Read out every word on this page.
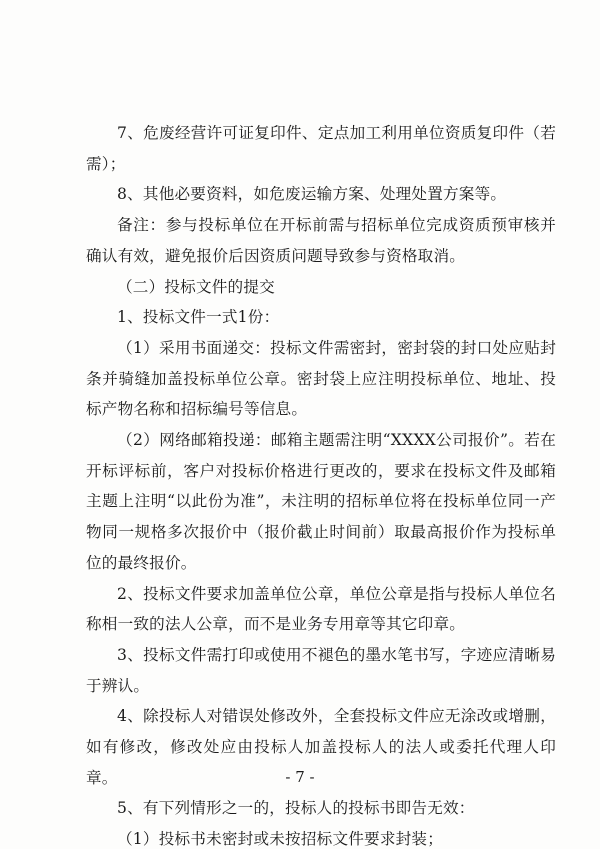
7、危废经营许可证复印件、定点加工利用单位资质复印件（若需）；

8、其他必要资料，如危废运输方案、处理处置方案等。

备注：参与投标单位在开标前需与招标单位完成资质预审核并确认有效，避免报价后因资质问题导致参与资格取消。

（二）投标文件的提交

1、投标文件一式1份：

（1）采用书面递交：投标文件需密封，密封袋的封口处应贴封条并骑缝加盖投标单位公章。密封袋上应注明投标单位、地址、投标产物名称和招标编号等信息。

（2）网络邮箱投递：邮箱主题需注明“XXXX公司报价”。若在开标评标前，客户对投标价格进行更改的，要求在投标文件及邮箱主题上注明“以此份为准”，未注明的招标单位将在投标单位同一产物同一规格多次报价中（报价截止时间前）取最高报价作为投标单位的最终报价。

2、投标文件要求加盖单位公章，单位公章是指与投标人单位名称相一致的法人公章，而不是业务专用章等其它印章。

3、投标文件需打印或使用不褪色的墨水笔书写，字迹应清晰易于辨认。

4、除投标人对错误处修改外，全套投标文件应无涂改或增删，如有修改，修改处应由投标人加盖投标人的法人或委托代理人印章。

5、有下列情形之一的，投标人的投标书即告无效：

（1）投标书未密封或未按招标文件要求封装；

- 7 -
